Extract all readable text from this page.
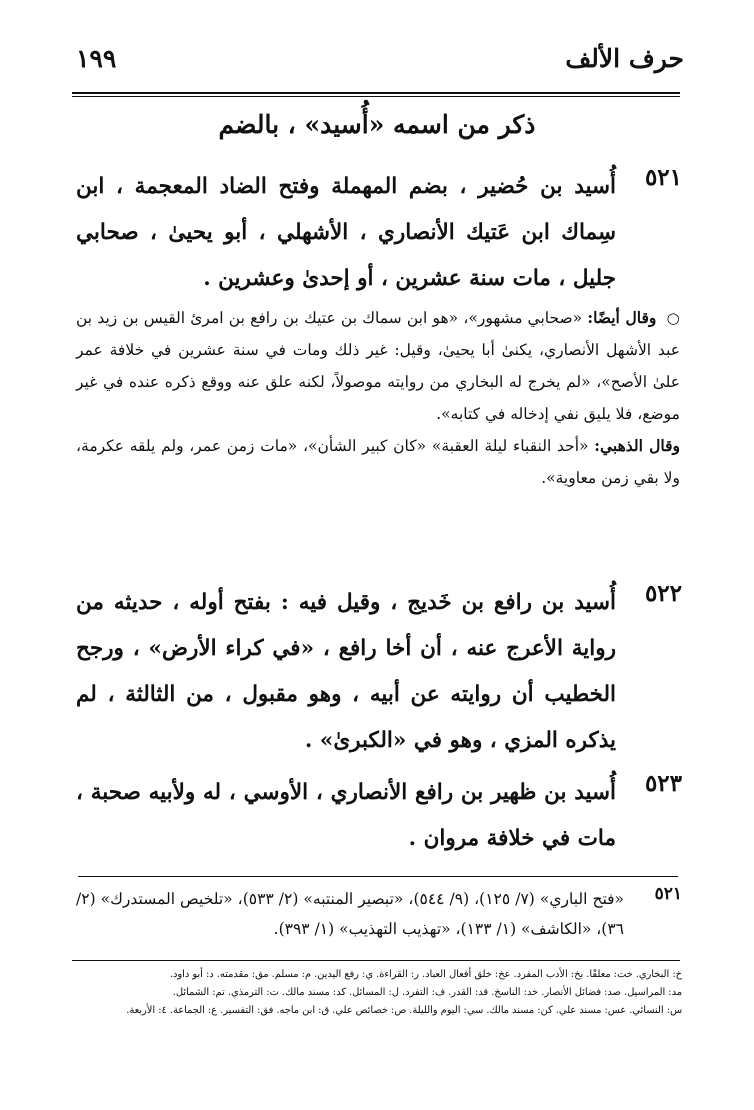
حرف الألف
١٩٩
ذكر من اسمه «أُسيد» ، بالضم
٥٢١

أُسيد بن حُضير ، بضم المهملة وفتح الضاد المعجمة ، ابن سِماك ابن عَتيك الأنصاري ، الأشهلي ، أبو يحيىٰ ، صحابي جليل ، مات سنة عشرين ، أو إحدىٰ وعشرين .

○ وقال أيضًا: «صحابي مشهور»، «هو ابن سماك بن عتيك بن رافع بن امرئ القيس بن زيد بن عبد الأشهل الأنصاري، يكنىٰ أبا يحيىٰ، وقيل: غير ذلك ومات في سنة عشرين في خلافة عمر علىٰ الأصح»، «لم يخرج له البخاري من روايته موصولاً، لكنه علق عنه ووقع ذكره عنده في غير موضع، فلا يليق نفي إدخاله في كتابه».

وقال الذهبي: «أحد النقباء ليلة العقبة» «كان كبير الشأن»، «مات زمن عمر، ولم يلقه عكرمة، ولا بقي زمن معاوية».

٥٢٢

أُسيد بن رافع بن خَديج ، وقيل فيه : بفتح أوله ، حديثه من رواية الأعرج عنه ، أن أخا رافع ، «في كراء الأرض» ، ورجح الخطيب أن روايته عن أبيه ، وهو مقبول ، من الثالثة ، لم يذكره المزي ، وهو في «الكبرىٰ» .

٥٢٣

أُسيد بن ظهير بن رافع الأنصاري ، الأوسي ، له ولأبيه صحبة ، مات في خلافة مروان .

٥٢١

«فتح الباري» (٧/ ١٢٥)، (٩/ ٥٤٤)، «تبصير المنتبه» (٢/ ٥٣٣)، «تلخيص المستدرك» (٢/ ٣٦)، «الكاشف» (١/ ١٣٣)، «تهذيب التهذيب» (١/ ٣٩٣).

خ: البخاري. خت: معلقًا. بخ: الأدب المفرد. عخ: خلق أفعال العباد. ر: القراءة. ي: رفع اليدين. م: مسلم. مق: مقدمته. د: أبو داود.

مد: المراسيل. صد: فضائل الأنصار. خد: الناسخ. قد: القدر. ف: التفرد. ل: المسائل. كد: مسند مالك. ت: الترمذي. تم: الشمائل.

س: النسائي. عس: مسند علي. كن: مسند مالك. سي: اليوم والليلة. ص: خصائص علي. ق: ابن ماجه. فق: التفسير. ع: الجماعة. ٤: الأربعة.
